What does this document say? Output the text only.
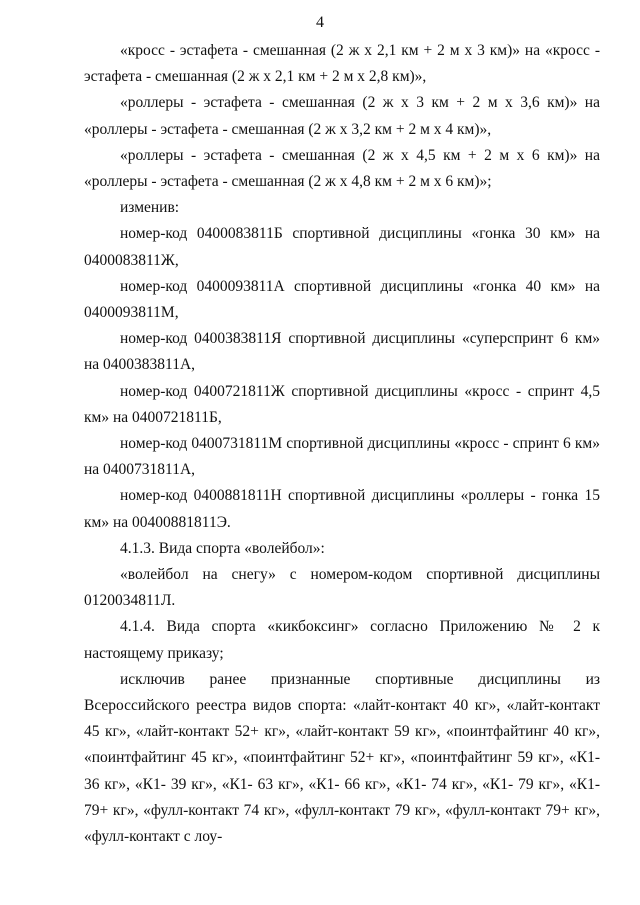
4

«кросс - эстафета - смешанная (2 ж х 2,1 км + 2 м х 3 км)» на «кросс - эстафета - смешанная (2 ж х 2,1 км + 2 м х 2,8 км)»,

«роллеры - эстафета - смешанная (2 ж х 3 км + 2 м х 3,6 км)» на «роллеры - эстафета - смешанная (2 ж х 3,2 км + 2 м х 4 км)»,

«роллеры - эстафета - смешанная (2 ж х 4,5 км + 2 м х 6 км)» на «роллеры - эстафета - смешанная (2 ж х 4,8 км + 2 м х 6 км)»;

изменив:

номер-код 0400083811Б спортивной дисциплины «гонка 30 км» на 0400083811Ж,

номер-код 0400093811А спортивной дисциплины «гонка 40 км» на 0400093811М,

номер-код 0400383811Я спортивной дисциплины «суперспринт 6 км» на 0400383811А,

номер-код 0400721811Ж спортивной дисциплины «кросс - спринт 4,5 км» на 0400721811Б,

номер-код 0400731811М спортивной дисциплины «кросс - спринт 6 км» на 0400731811А,

номер-код 0400881811Н спортивной дисциплины «роллеры - гонка 15 км» на 00400881811Э.

4.1.3. Вида спорта «волейбол»:

«волейбол на снегу» с номером-кодом спортивной дисциплины 0120034811Л.

4.1.4. Вида спорта «кикбоксинг» согласно Приложению № 2 к настоящему приказу;

исключив ранее признанные спортивные дисциплины из Всероссийского реестра видов спорта: «лайт-контакт 40 кг», «лайт-контакт 45 кг», «лайт-контакт 52+ кг», «лайт-контакт 59 кг», «поинтфайтинг 40 кг», «поинтфайтинг 45 кг», «поинтфайтинг 52+ кг», «поинтфайтинг 59 кг», «К1- 36 кг», «К1- 39 кг», «К1- 63 кг», «К1- 66 кг», «К1- 74 кг», «К1- 79 кг», «К1- 79+ кг», «фулл-контакт 74 кг», «фулл-контакт 79 кг», «фулл-контакт 79+ кг», «фулл-контакт с лоу-
